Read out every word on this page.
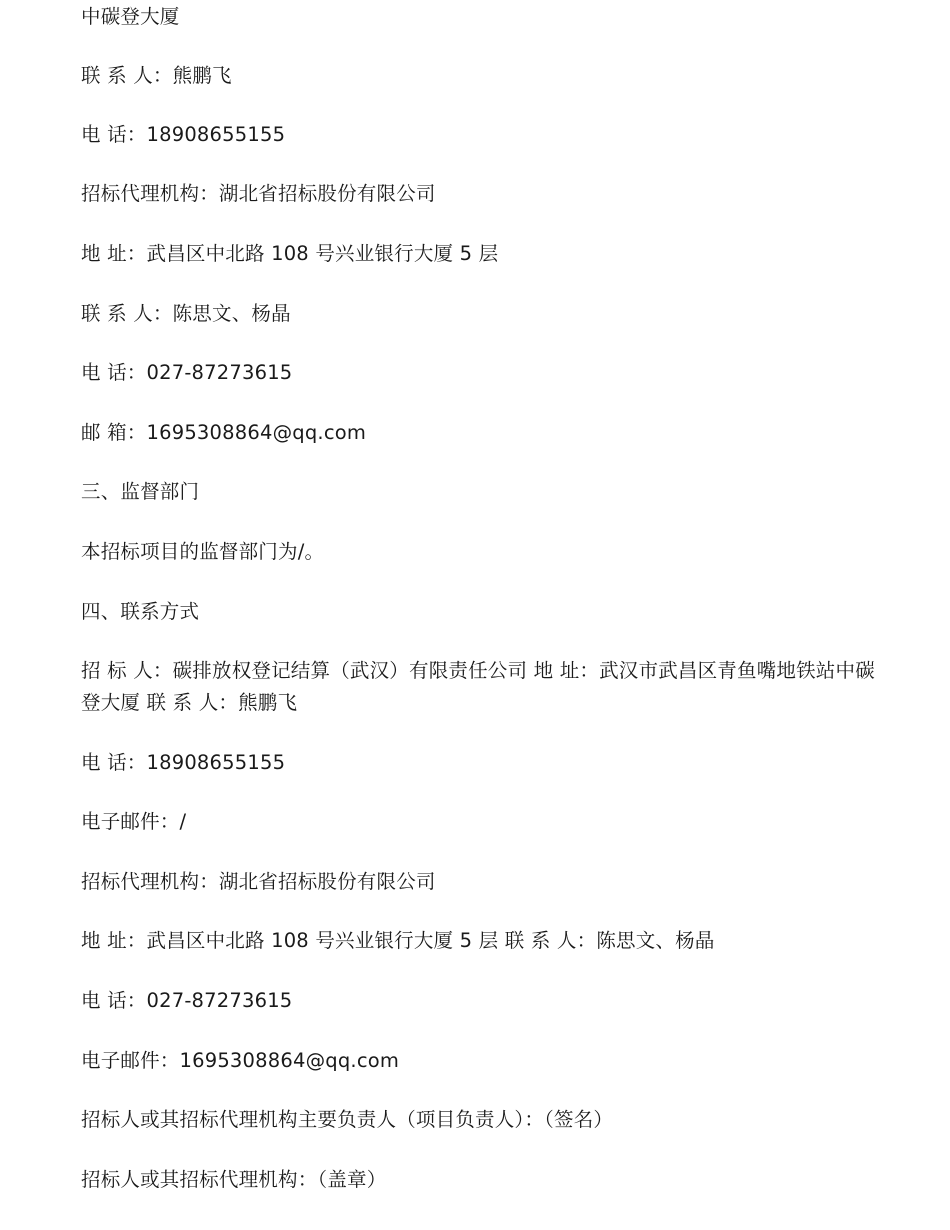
中碳登大厦
联 系 人：熊鹏飞
电 话：18908655155
招标代理机构：湖北省招标股份有限公司
地 址：武昌区中北路 108 号兴业银行大厦 5 层
联 系 人：陈思文、杨晶
电 话：027-87273615
邮 箱：1695308864@qq.com
三、监督部门
本招标项目的监督部门为/。
四、联系方式
招 标 人：碳排放权登记结算（武汉）有限责任公司 地 址：武汉市武昌区青鱼嘴地铁站中碳登大厦 联 系 人：熊鹏飞
电 话：18908655155
电子邮件：/
招标代理机构：湖北省招标股份有限公司
地 址：武昌区中北路 108 号兴业银行大厦 5 层 联 系 人：陈思文、杨晶
电 话：027-87273615
电子邮件：1695308864@qq.com
招标人或其招标代理机构主要负责人（项目负责人）：（签名）
招标人或其招标代理机构：（盖章）
